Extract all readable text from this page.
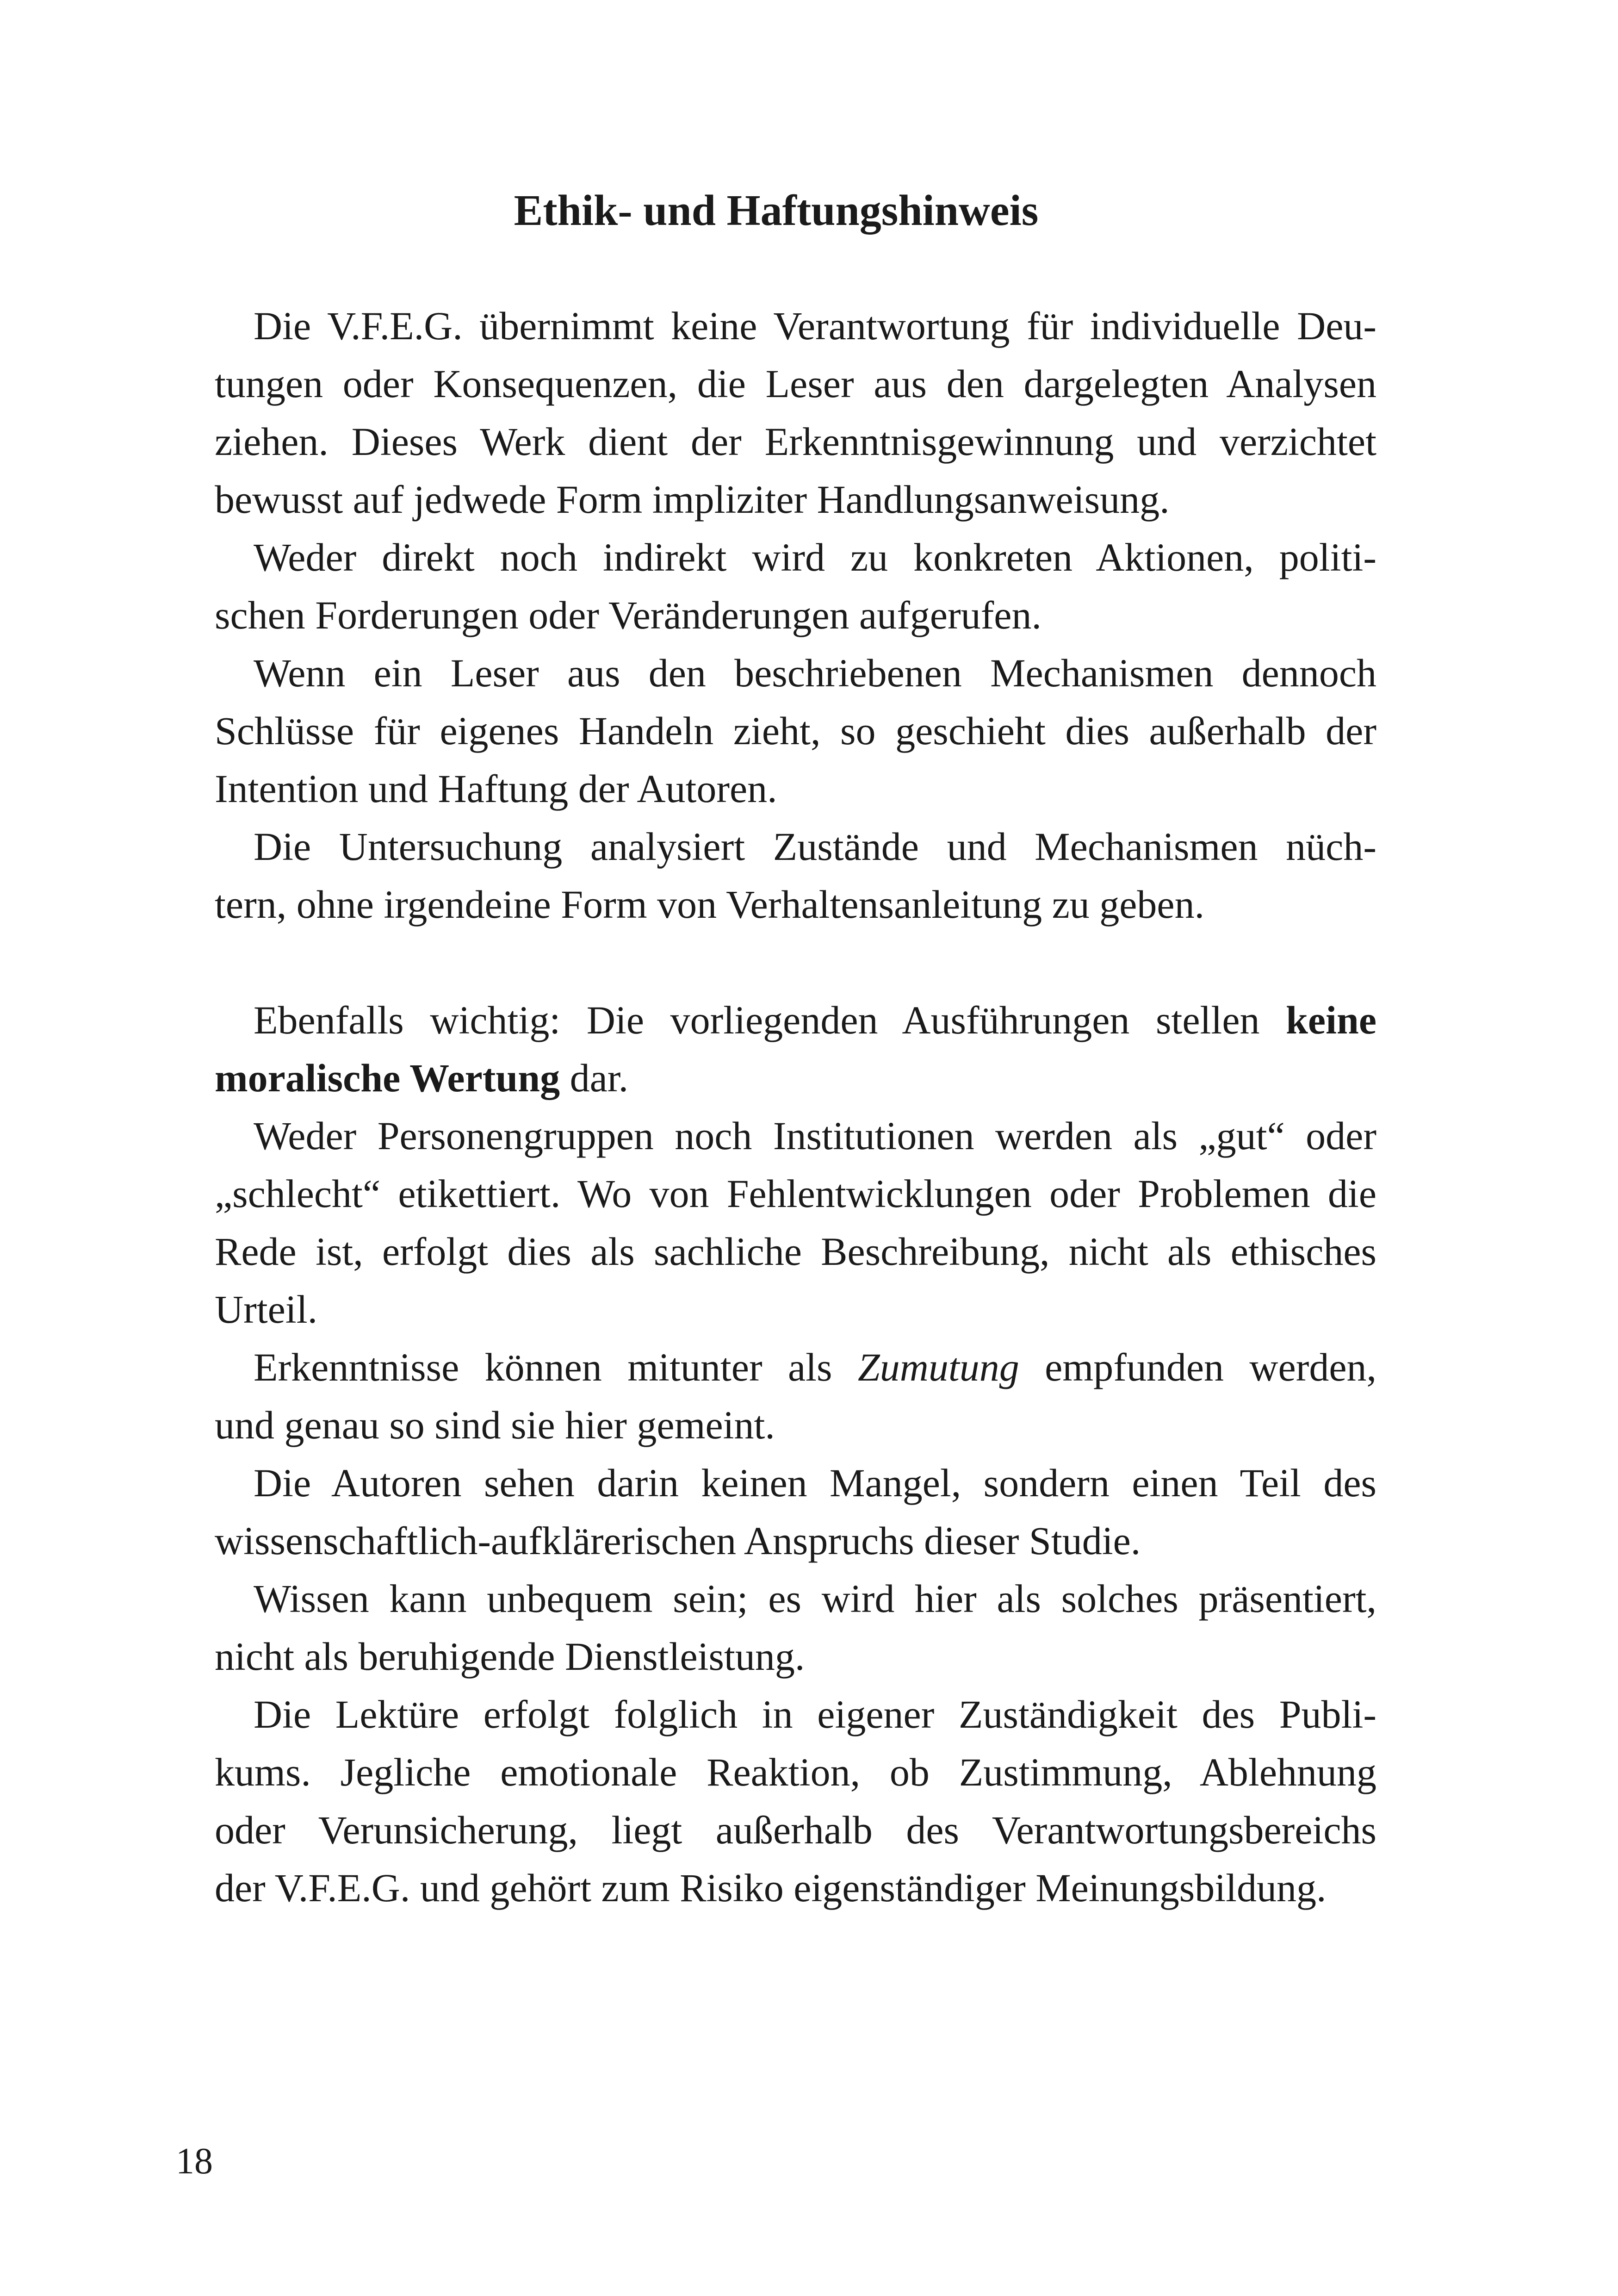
Ethik- und Haftungshinweis
Die V.F.E.G. übernimmt keine Verantwortung für individuelle Deu-
tungen oder Konsequenzen, die Leser aus den dargelegten Analysen
ziehen. Dieses Werk dient der Erkenntnisgewinnung und verzichtet
bewusst auf jedwede Form impliziter Handlungsanweisung.
Weder direkt noch indirekt wird zu konkreten Aktionen, politi-
schen Forderungen oder Veränderungen aufgerufen.
Wenn ein Leser aus den beschriebenen Mechanismen dennoch
Schlüsse für eigenes Handeln zieht, so geschieht dies außerhalb der
Intention und Haftung der Autoren.
Die Untersuchung analysiert Zustände und Mechanismen nüch-
tern, ohne irgendeine Form von Verhaltensanleitung zu geben.
Ebenfalls wichtig: Die vorliegenden Ausführungen stellen keine
moralische Wertung dar.
Weder Personengruppen noch Institutionen werden als „gut“ oder
„schlecht“ etikettiert. Wo von Fehlentwicklungen oder Problemen die
Rede ist, erfolgt dies als sachliche Beschreibung, nicht als ethisches
Urteil.
Erkenntnisse können mitunter als Zumutung empfunden werden,
und genau so sind sie hier gemeint.
Die Autoren sehen darin keinen Mangel, sondern einen Teil des
wissenschaftlich-aufklärerischen Anspruchs dieser Studie.
Wissen kann unbequem sein; es wird hier als solches präsentiert,
nicht als beruhigende Dienstleistung.
Die Lektüre erfolgt folglich in eigener Zuständigkeit des Publi-
kums. Jegliche emotionale Reaktion, ob Zustimmung, Ablehnung
oder Verunsicherung, liegt außerhalb des Verantwortungsbereichs
der V.F.E.G. und gehört zum Risiko eigenständiger Meinungsbildung.
18
